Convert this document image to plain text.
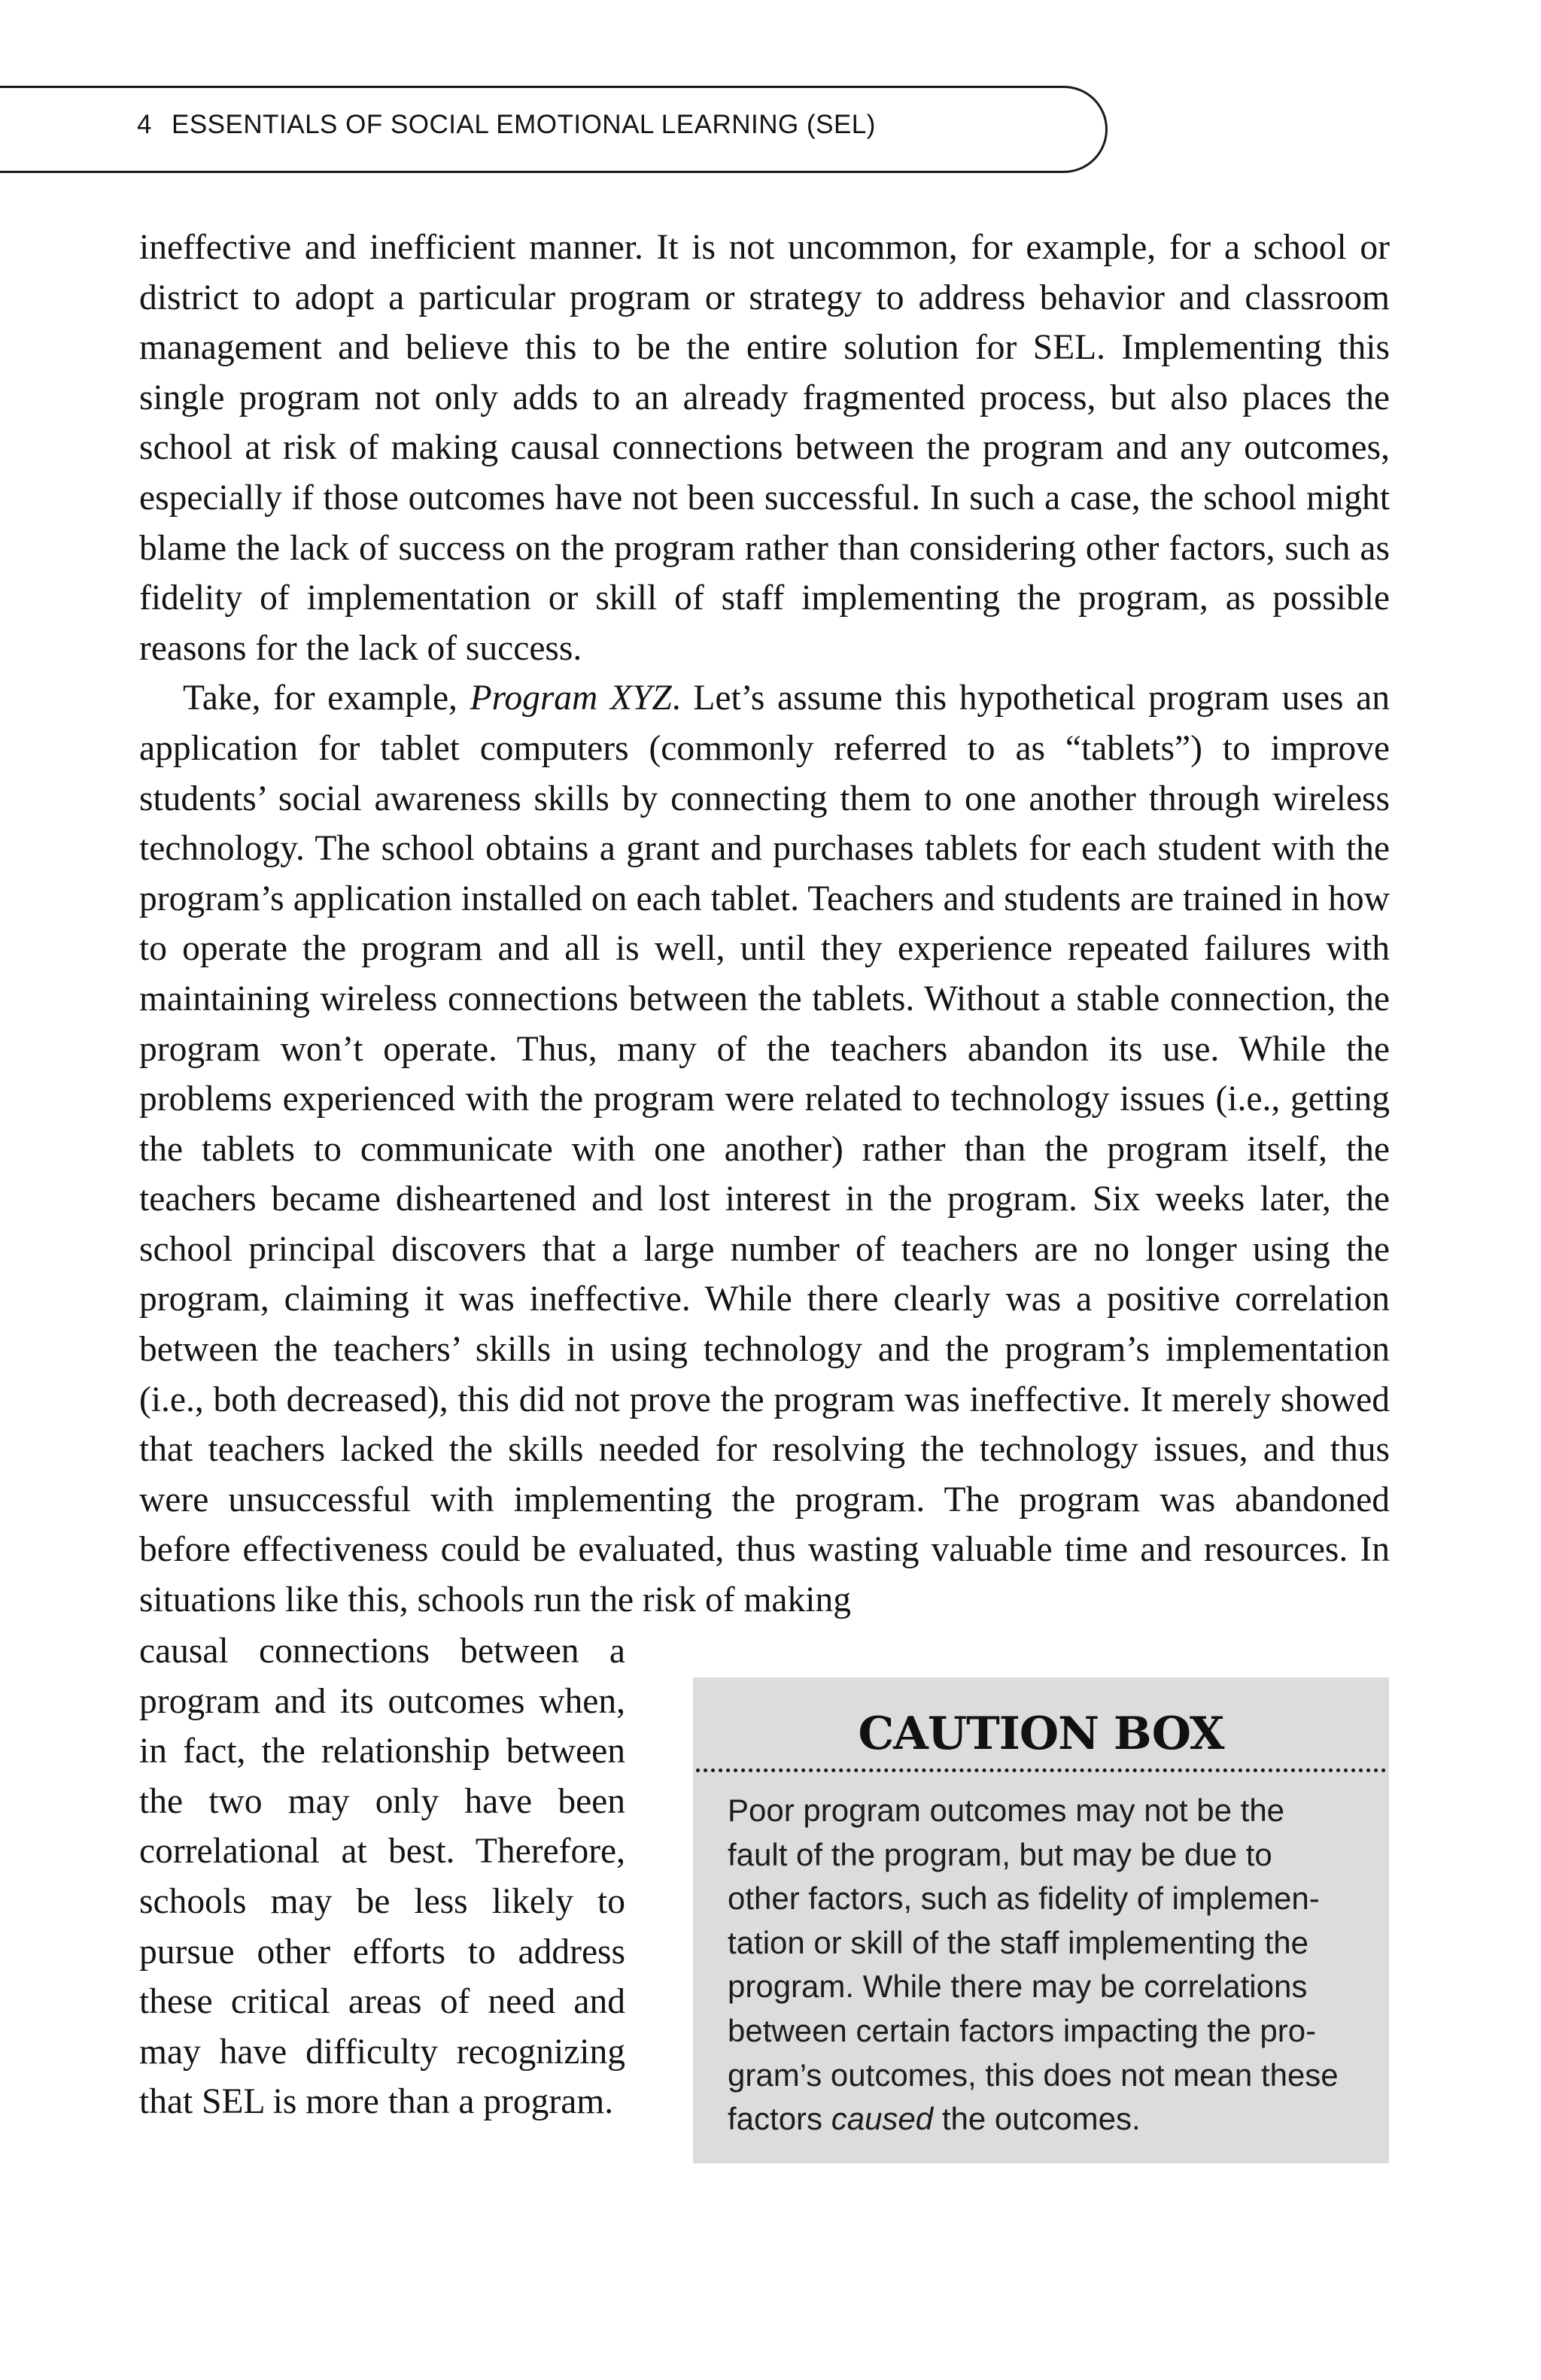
4 ESSENTIALS OF SOCIAL EMOTIONAL LEARNING (SEL)

ineffective and inefficient manner. It is not uncommon, for example, for a school or district to adopt a particular program or strategy to address behavior and classroom management and believe this to be the entire solution for SEL. Implementing this single program not only adds to an already fragmented process, but also places the school at risk of making causal connections between the program and any outcomes, especially if those outcomes have not been successful. In such a case, the school might blame the lack of success on the program rather than considering other factors, such as fidelity of implementation or skill of staff implementing the program, as possible reasons for the lack of success.

Take, for example, Program XYZ. Let’s assume this hypothetical program uses an application for tablet computers (commonly referred to as “tablets”) to improve students’ social awareness skills by connecting them to one another through wireless technology. The school obtains a grant and purchases tablets for each student with the program’s application installed on each tablet. Teachers and students are trained in how to operate the program and all is well, until they experience repeated failures with maintaining wireless connections between the tablets. Without a stable connection, the program won’t operate. Thus, many of the teachers abandon its use. While the problems experienced with the program were related to technology issues (i.e., getting the tablets to communicate with one another) rather than the program itself, the teachers became disheartened and lost interest in the program. Six weeks later, the school principal discovers that a large number of teachers are no longer using the program, claiming it was ineffective. While there clearly was a positive correlation between the teachers’ skills in using technology and the program’s implementation (i.e., both decreased), this did not prove the program was ineffective. It merely showed that teachers lacked the skills needed for resolving the technology issues, and thus were unsuccessful with implementing the program. The program was abandoned before effectiveness could be evaluated, thus wasting valuable time and resources. In situations like this, schools run the risk of making

causal connections between a program and its outcomes when, in fact, the relationship between the two may only have been correlational at best. Therefore, schools may be less likely to pursue other efforts to address these critical areas of need and may have difficulty recognizing that SEL is more than a program.

CAUTION BOX

Poor program outcomes may not be the fault of the program, but may be due to other factors, such as fidelity of implementation or skill of the staff implementing the program. While there may be correlations between certain factors impacting the program’s outcomes, this does not mean these factors caused the outcomes.
